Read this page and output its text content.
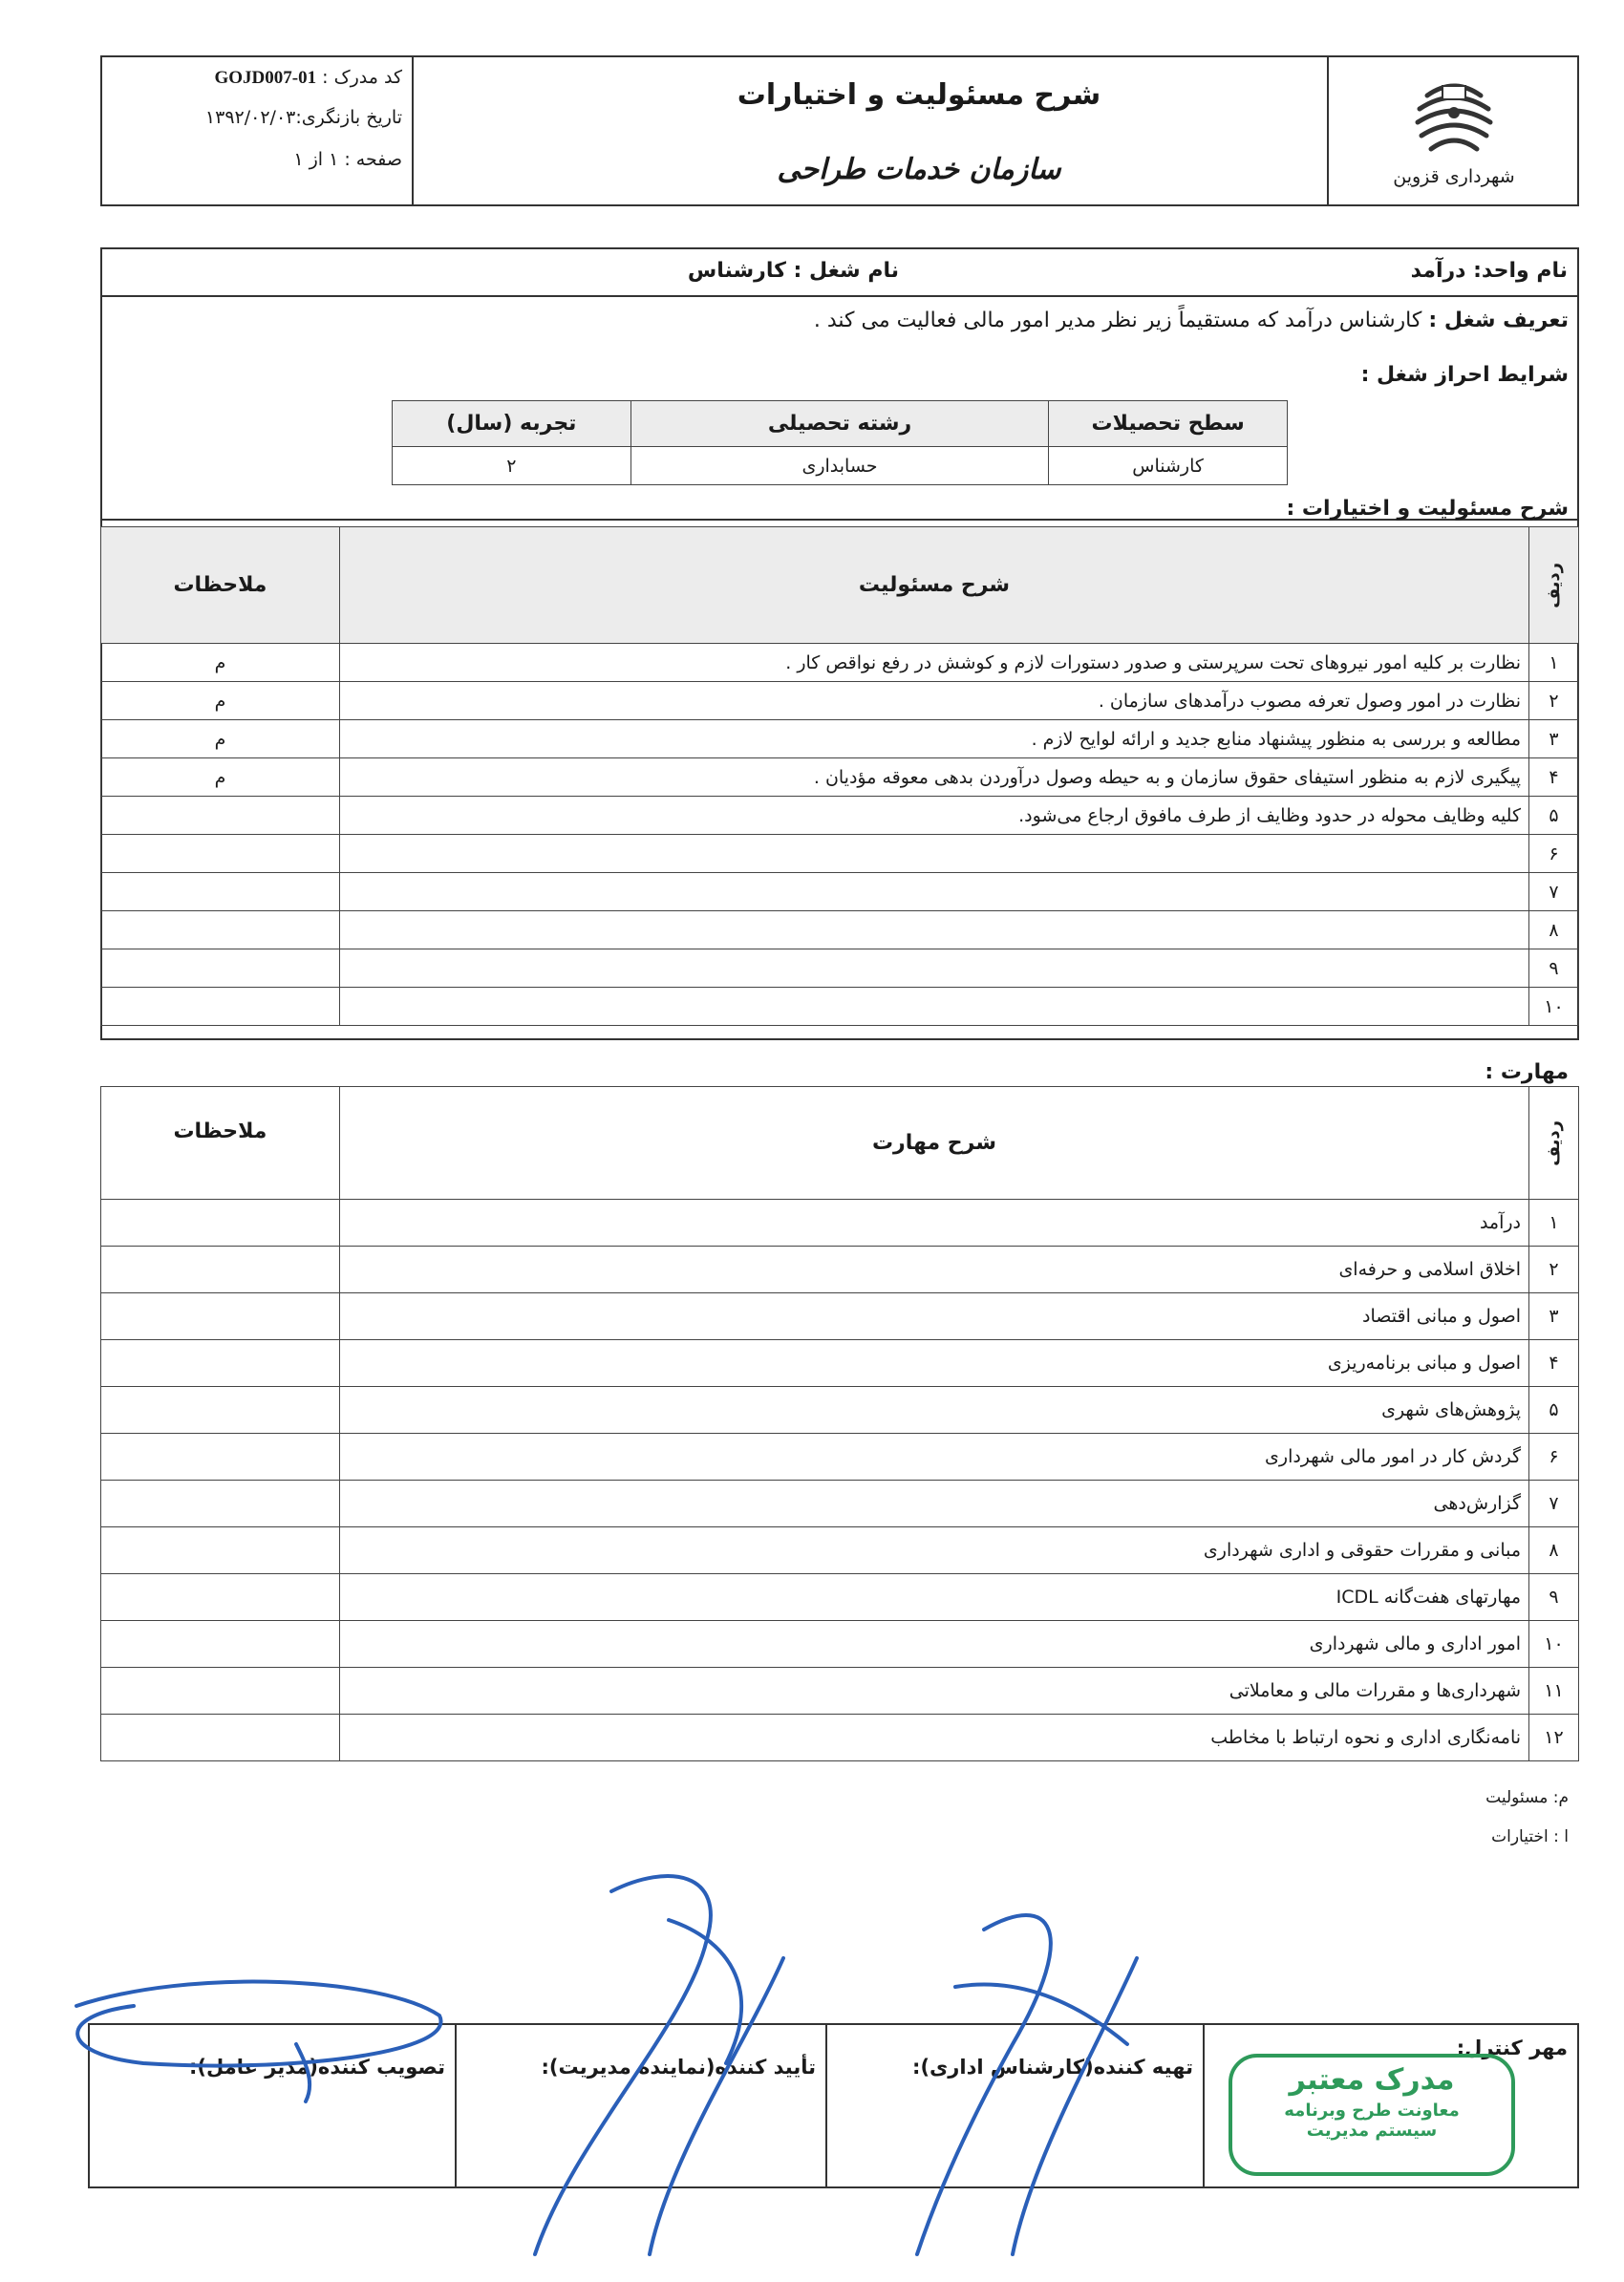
شهرداری قزوین
شرح مسئولیت و اختیارات
سازمان خدمات طراحی
کد مدرک : GOJD007-01
تاریخ بازنگری:۱۳۹۲/۰۲/۰۳
صفحه : ۱ از ۱
نام واحد: درآمد
نام شغل : کارشناس
تعریف شغل : کارشناس درآمد که مستقیماً زیر نظر مدیر امور مالی فعالیت می کند .
شرایط احراز شغل :
سطح تحصیلات	رشته تحصیلی	تجربه (سال)
کارشناس	حسابداری	۲
شرح مسئولیت و اختیارات :
ردیف	شرح مسئولیت	ملاحظات
۱	نظارت بر کلیه امور نیروهای تحت سرپرستی و صدور دستورات لازم و کوشش در رفع نواقص کار .	م
۲	نظارت در امور وصول تعرفه مصوب درآمدهای سازمان .	م
۳	مطالعه و بررسی به منظور پیشنهاد منابع جدید و ارائه لوایح لازم .	م
۴	پیگیری لازم به منظور استیفای حقوق سازمان و به حیطه وصول درآوردن بدهی معوقه مؤدیان .	م
۵	کلیه وظایف محوله در حدود وظایف از طرف مافوق ارجاع می‌شود.	
۶		
۷		
۸		
۹		
۱۰		
مهارت :
ردیف	شرح مهارت	ملاحظات
۱	درآمد	
۲	اخلاق اسلامی و حرفه‌ای	
۳	اصول و مبانی اقتصاد	
۴	اصول و مبانی برنامه‌ریزی	
۵	پژوهش‌های شهری	
۶	گردش کار در امور مالی شهرداری	
۷	گزارش‌دهی	
۸	مبانی و مقررات حقوقی و اداری شهرداری	
۹	مهارتهای هفت‌گانه ICDL	
۱۰	امور اداری و مالی شهرداری	
۱۱	شهرداری‌ها و مقررات مالی و معاملاتی	
۱۲	نامه‌نگاری اداری و نحوه ارتباط با مخاطب	
م: مسئولیت
ا : اختیارات
مهر کنترل:
مدرک معتبر
معاونت طرح وبرنامه
سیستم مدیریت
تهیه کننده(کارشناس اداری):
تأیید کننده(نماینده مدیریت):
تصویب کننده(مدیر عامل):
